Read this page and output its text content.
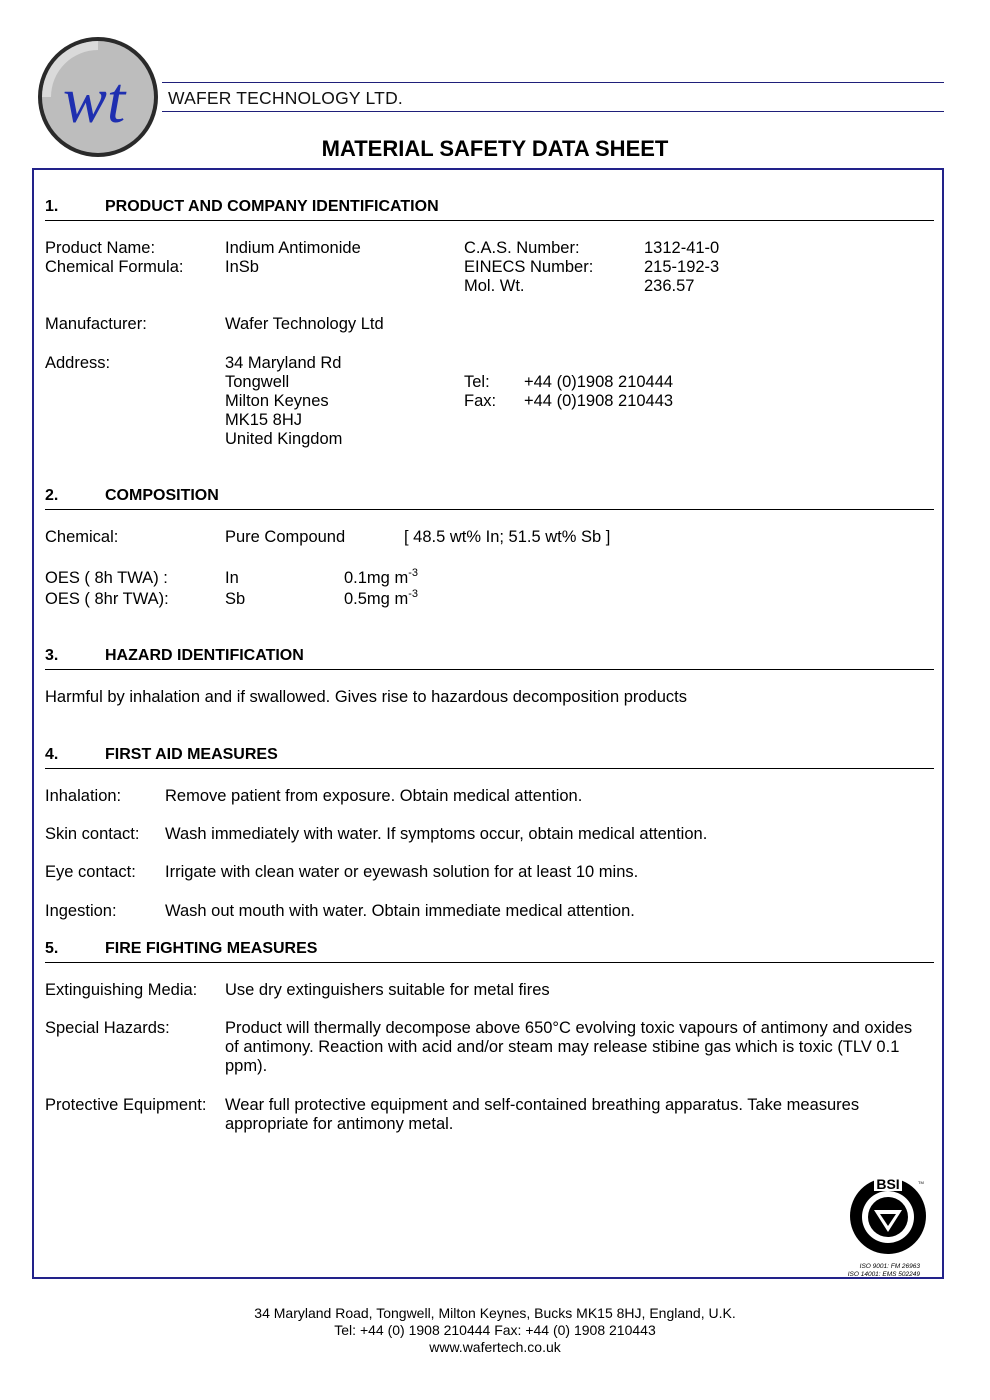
wt WAFER TECHNOLOGY LTD.
MATERIAL SAFETY DATA SHEET
1.	PRODUCT AND COMPANY IDENTIFICATION
Product Name:	Indium Antimonide	C.A.S. Number:	1312-41-0
Chemical Formula:	InSb	EINECS Number:	215-192-3
Mol. Wt.	236.57
Manufacturer:	Wafer Technology Ltd
Address:	34 Maryland Rd
Tongwell
Milton Keynes
MK15 8HJ
United Kingdom
Tel: +44 (0)1908 210444
Fax: +44 (0)1908 210443
2.	COMPOSITION
Chemical:	Pure Compound	[ 48.5 wt% In; 51.5 wt% Sb ]
OES ( 8h TWA) :	In	0.1mg $m^{-3}$
OES ( 8hr TWA):	Sb	0.5mg $m^{-3}$
3.	HAZARD IDENTIFICATION
Harmful by inhalation and if swallowed. Gives rise to hazardous decomposition products
4.	FIRST AID MEASURES
Inhalation:	Remove patient from exposure. Obtain medical attention.
Skin contact: Wash immediately with water. If symptoms occur, obtain medical attention.
Eye contact: Irrigate with clean water or eyewash solution for at least 10 mins.
Ingestion:	Wash out mouth with water. Obtain immediate medical attention.
5.	FIRE FIGHTING MEASURES
Extinguishing Media: Use dry extinguishers suitable for metal fires
Special Hazards:	Product will thermally decompose above 650°C evolving toxic vapours of antimony and oxides of antimony. Reaction with acid and/or steam may release stibine gas which is toxic (TLV 0.1 ppm).
Protective Equipment: Wear full protective equipment and self-contained breathing apparatus. Take measures appropriate for antimony metal.
BSI	TM
ISO 9001: FM 26963
ISO 14001: EMS 502249
34 Maryland Road, Tongwell, Milton Keynes, Bucks MK15 8HJ, England, U.K.
Tel: +44 (0) 1908 210444 Fax: +44 (0) 1908 210443
www.wafertech.co.uk
